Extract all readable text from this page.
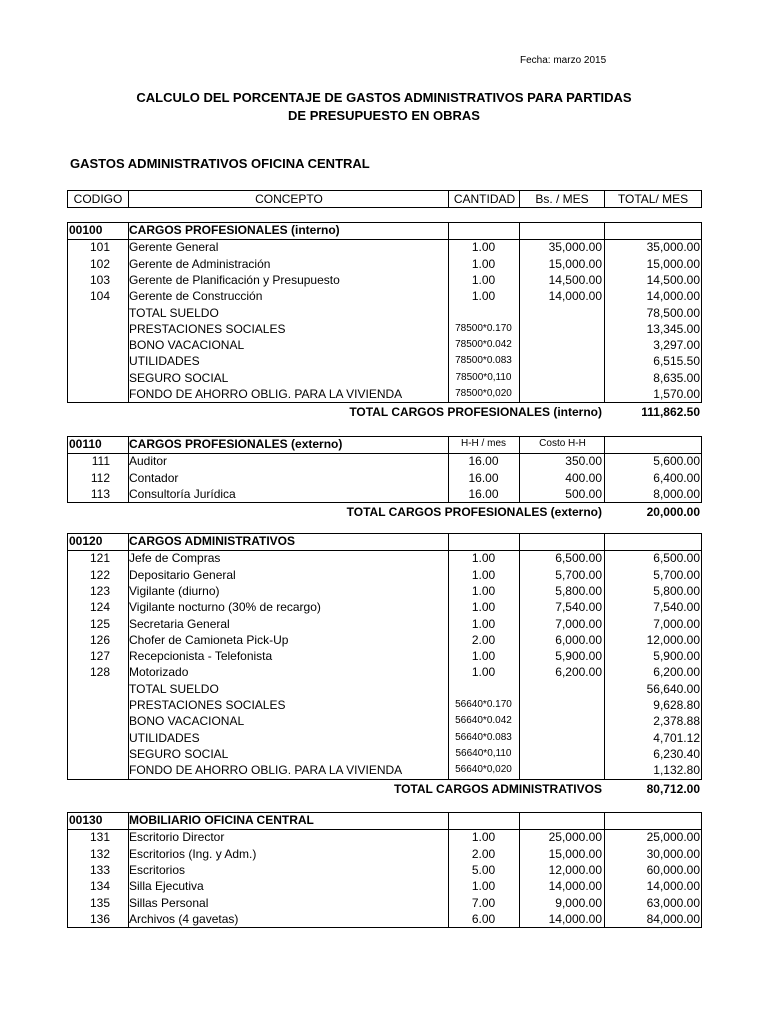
Fecha: marzo 2015
CALCULO DEL PORCENTAJE DE GASTOS ADMINISTRATIVOS PARA PARTIDAS
DE PRESUPUESTO EN OBRAS
GASTOS ADMINISTRATIVOS OFICINA CENTRAL
CODIGO	CONCEPTO	CANTIDAD	Bs. / MES	TOTAL/ MES
00100	CARGOS PROFESIONALES (interno)
101 Gerente General	1.00	35,000.00	35,000.00
102 Gerente de Administración	1.00	15,000.00	15,000.00
103 Gerente de Planificación y Presupuesto	1.00	14,500.00	14,500.00
104 Gerente de Construcción	1.00	14,000.00	14,000.00
TOTAL SUELDO	78,500.00
PRESTACIONES SOCIALES	78500*0.170	13,345.00
BONO VACACIONAL	78500*0.042	3,297.00
UTILIDADES	78500*0.083	6,515.50
SEGURO SOCIAL	78500*0,110	8,635.00
FONDO DE AHORRO OBLIG. PARA LA VIVIENDA	78500*0,020	1,570.00
TOTAL CARGOS PROFESIONALES (interno)	111,862.50
00110	CARGOS PROFESIONALES (externo)	H-H / mes	Costo H-H
111 Auditor	16.00	350.00	5,600.00
112 Contador	16.00	400.00	6,400.00
113 Consultoría Jurídica	16.00	500.00	8,000.00
TOTAL CARGOS PROFESIONALES (externo)	20,000.00
00120	CARGOS ADMINISTRATIVOS
121 Jefe de Compras	1.00	6,500.00	6,500.00
122 Depositario General	1.00	5,700.00	5,700.00
123 Vigilante (diurno)	1.00	5,800.00	5,800.00
124 Vigilante nocturno (30% de recargo)	1.00	7,540.00	7,540.00
125 Secretaria General	1.00	7,000.00	7,000.00
126 Chofer de Camioneta Pick-Up	2.00	6,000.00	12,000.00
127 Recepcionista - Telefonista	1.00	5,900.00	5,900.00
128 Motorizado	1.00	6,200.00	6,200.00
TOTAL SUELDO	56,640.00
PRESTACIONES SOCIALES	56640*0.170	9,628.80
BONO VACACIONAL	56640*0.042	2,378.88
UTILIDADES	56640*0.083	4,701.12
SEGURO SOCIAL	56640*0,110	6,230.40
FONDO DE AHORRO OBLIG. PARA LA VIVIENDA	56640*0,020	1,132.80
TOTAL CARGOS ADMINISTRATIVOS	80,712.00
00130	MOBILIARIO OFICINA CENTRAL
131 Escritorio Director	1.00	25,000.00	25,000.00
132 Escritorios (Ing. y Adm.)	2.00	15,000.00	30,000.00
133 Escritorios	5.00	12,000.00	60,000.00
134 Silla Ejecutiva	1.00	14,000.00	14,000.00
135 Sillas Personal	7.00	9,000.00	63,000.00
136 Archivos (4 gavetas)	6.00	14,000.00	84,000.00
